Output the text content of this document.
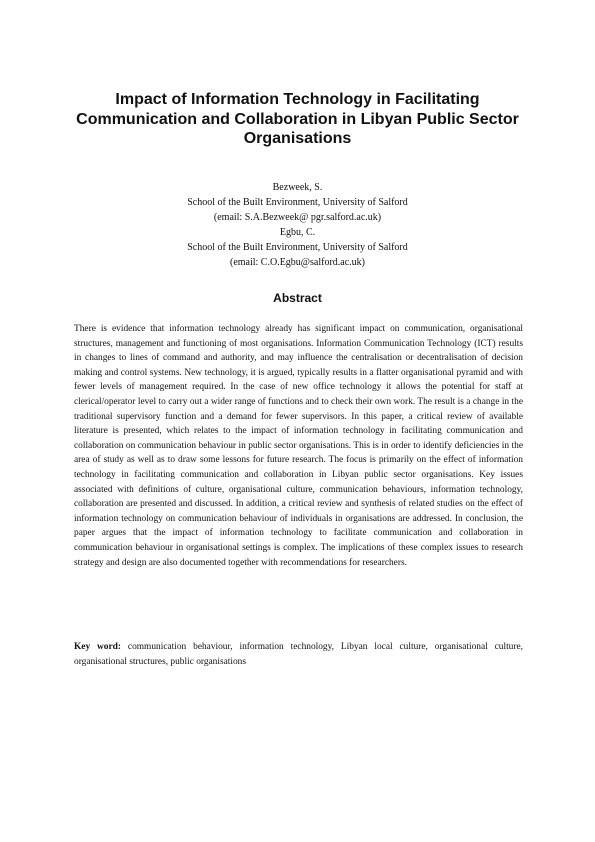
Impact of Information Technology in Facilitating Communication and Collaboration in Libyan Public Sector Organisations
Bezweek, S.
School of the Built Environment, University of Salford
(email: S.A.Bezweek@ pgr.salford.ac.uk)
Egbu, C.
School of the Built Environment, University of Salford
(email: C.O.Egbu@salford.ac.uk)
Abstract

There is evidence that information technology already has significant impact on communication, organisational structures, management and functioning of most organisations. Information Communication Technology (ICT) results in changes to lines of command and authority, and may influence the centralisation or decentralisation of decision making and control systems. New technology, it is argued, typically results in a flatter organisational pyramid and with fewer levels of management required. In the case of new office technology it allows the potential for staff at clerical/operator level to carry out a wider range of functions and to check their own work. The result is a change in the traditional supervisory function and a demand for fewer supervisors. In this paper, a critical review of available literature is presented, which relates to the impact of information technology in facilitating communication and collaboration on communication behaviour in public sector organisations. This is in order to identify deficiencies in the area of study as well as to draw some lessons for future research. The focus is primarily on the effect of information technology in facilitating communication and collaboration in Libyan public sector organisations. Key issues associated with definitions of culture, organisational culture, communication behaviours, information technology, collaboration are presented and discussed. In addition, a critical review and synthesis of related studies on the effect of information technology on communication behaviour of individuals in organisations are addressed. In conclusion, the paper argues that the impact of information technology to facilitate communication and collaboration in communication behaviour in organisational settings is complex. The implications of these complex issues to research strategy and design are also documented together with recommendations for researchers.

Key word: communication behaviour, information technology, Libyan local culture, organisational culture, organisational structures, public organisations
